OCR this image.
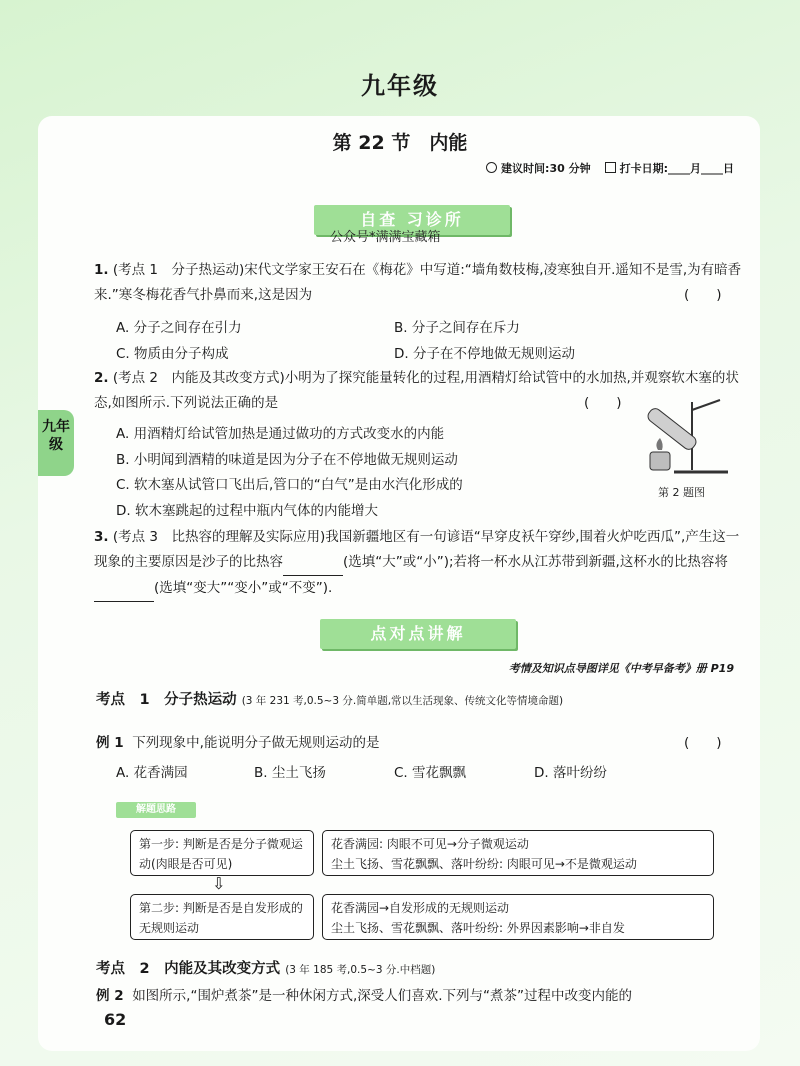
九年级
九年级
第 22 节　内能
建议时间:30 分钟	打卡日期:____月____日
自查 习诊所
公众号*满满宝藏箱
1. (考点 1　分子热运动)宋代文学家王安石在《梅花》中写道:“墙角数枝梅,凌寒独自开.遥知不是雪,为有暗香来.”寒冬梅花香气扑鼻而来,这是因为	(　　)
A. 分子之间存在引力	B. 分子之间存在斥力
C. 物质由分子构成	D. 分子在不停地做无规则运动
2. (考点 2　内能及其改变方式)小明为了探究能量转化的过程,用酒精灯给试管中的水加热,并观察软木塞的状态,如图所示.下列说法正确的是	(　　)
A. 用酒精灯给试管加热是通过做功的方式改变水的内能
B. 小明闻到酒精的味道是因为分子在不停地做无规则运动
C. 软木塞从试管口飞出后,管口的“白气”是由水汽化形成的
D. 软木塞跳起的过程中瓶内气体的内能增大
第 2 题图
3. (考点 3　比热容的理解及实际应用)我国新疆地区有一句谚语“早穿皮袄午穿纱,围着火炉吃西瓜”,产生这一现象的主要原因是沙子的比热容	(选填“大”或“小”);若将一杯水从江苏带到新疆,这杯水的比热容将 (选填“变大”“变小”或“不变”).
点对点讲解
考情及知识点导图详见《中考早备考》册 P19
考点　1　分子热运动 (3 年 231 考,0.5~3 分.简单题,常以生活现象、传统文化等情境命题)
例 1 下列现象中,能说明分子做无规则运动的是	(　　)
A. 花香满园	B. 尘土飞扬	C. 雪花飘飘	D. 落叶纷纷
解题思路
第一步: 判断是否是分子微观运动(肉眼是否可见)
花香满园: 肉眼不可见→分子微观运动
尘土飞扬、雪花飘飘、落叶纷纷: 肉眼可见→不是微观运动
第二步: 判断是否是自发形成的无规则运动
花香满园→自发形成的无规则运动
尘土飞扬、雪花飘飘、落叶纷纷: 外界因素影响→非自发
⇩
考点　2　内能及其改变方式 (3 年 185 考,0.5~3 分.中档题)
例 2 如图所示,“围炉煮茶”是一种休闲方式,深受人们喜欢.下列与“煮茶”过程中改变内能的
62
